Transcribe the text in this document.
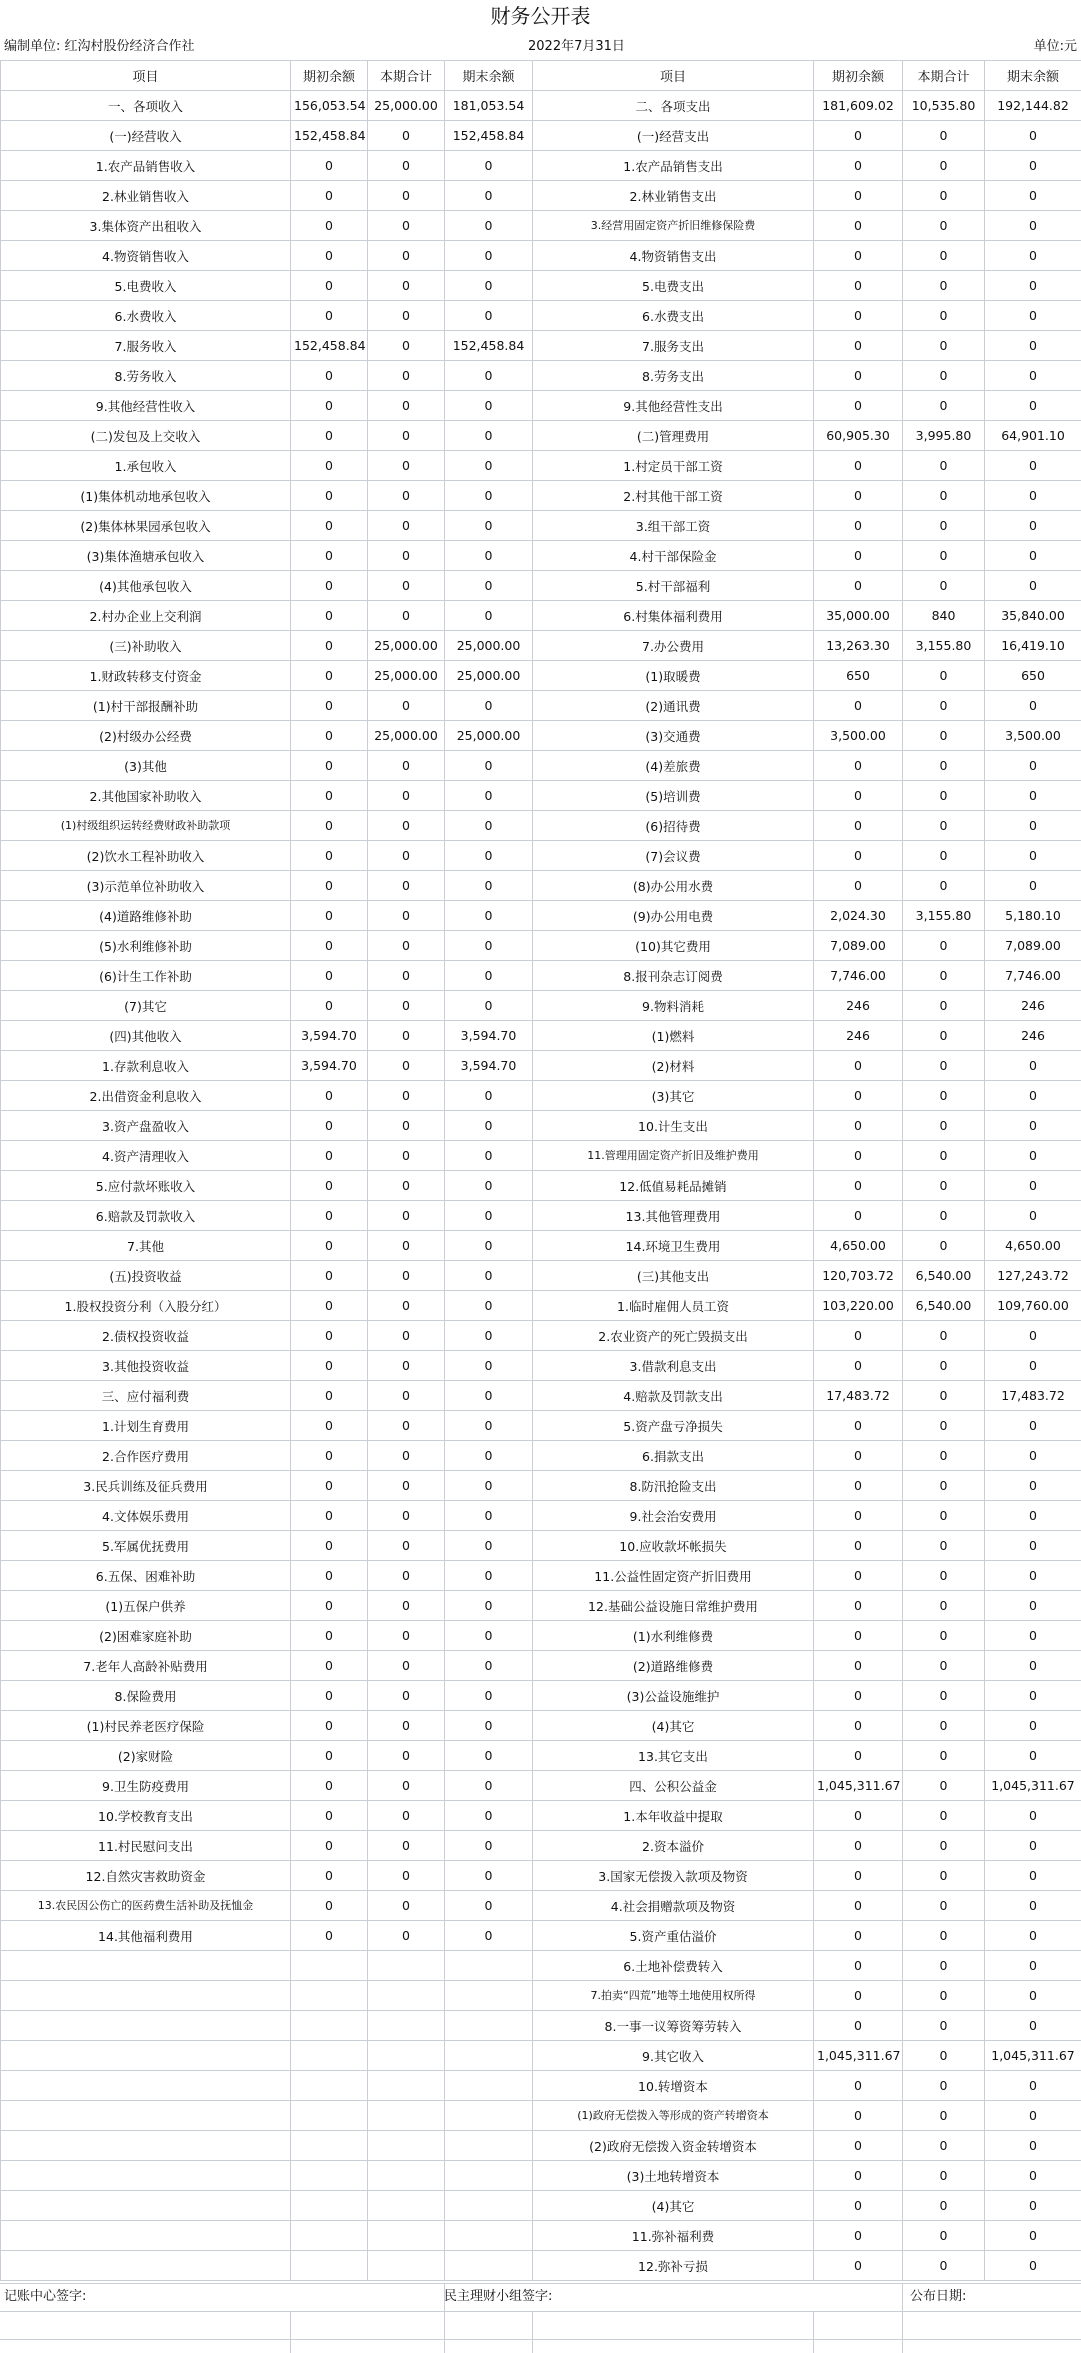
财务公开表
编制单位: 红沟村股份经济合作社	2022年7月31日	单位:元
项目	期初余额	本期合计	期末余额	项目	期初余额	本期合计	期末余额
一、各项收入	156,053.54	25,000.00	181,053.54	二、各项支出	181,609.02	10,535.80	192,144.82
(一)经营收入	152,458.84	0	152,458.84	(一)经营支出	0	0	0
1.农产品销售收入	0	0	0	1.农产品销售支出	0	0	0
2.林业销售收入	0	0	0	2.林业销售支出	0	0	0
3.集体资产出租收入	0	0	0	3.经营用固定资产折旧维修保险费	0	0	0
4.物资销售收入	0	0	0	4.物资销售支出	0	0	0
5.电费收入	0	0	0	5.电费支出	0	0	0
6.水费收入	0	0	0	6.水费支出	0	0	0
7.服务收入	152,458.84	0	152,458.84	7.服务支出	0	0	0
8.劳务收入	0	0	0	8.劳务支出	0	0	0
9.其他经营性收入	0	0	0	9.其他经营性支出	0	0	0
(二)发包及上交收入	0	0	0	(二)管理费用	60,905.30	3,995.80	64,901.10
1.承包收入	0	0	0	1.村定员干部工资	0	0	0
(1)集体机动地承包收入	0	0	0	2.村其他干部工资	0	0	0
(2)集体林果园承包收入	0	0	0	3.组干部工资	0	0	0
(3)集体渔塘承包收入	0	0	0	4.村干部保险金	0	0	0
(4)其他承包收入	0	0	0	5.村干部福利	0	0	0
2.村办企业上交利润	0	0	0	6.村集体福利费用	35,000.00	840	35,840.00
(三)补助收入	0	25,000.00	25,000.00	7.办公费用	13,263.30	3,155.80	16,419.10
1.财政转移支付资金	0	25,000.00	25,000.00	(1)取暖费	650	0	650
(1)村干部报酬补助	0	0	0	(2)通讯费	0	0	0
(2)村级办公经费	0	25,000.00	25,000.00	(3)交通费	3,500.00	0	3,500.00
(3)其他	0	0	0	(4)差旅费	0	0	0
2.其他国家补助收入	0	0	0	(5)培训费	0	0	0
(1)村级组织运转经费财政补助款项	0	0	0	(6)招待费	0	0	0
(2)饮水工程补助收入	0	0	0	(7)会议费	0	0	0
(3)示范单位补助收入	0	0	0	(8)办公用水费	0	0	0
(4)道路维修补助	0	0	0	(9)办公用电费	2,024.30	3,155.80	5,180.10
(5)水利维修补助	0	0	0	(10)其它费用	7,089.00	0	7,089.00
(6)计生工作补助	0	0	0	8.报刊杂志订阅费	7,746.00	0	7,746.00
(7)其它	0	0	0	9.物料消耗	246	0	246
(四)其他收入	3,594.70	0	3,594.70	(1)燃料	246	0	246
1.存款利息收入	3,594.70	0	3,594.70	(2)材料	0	0	0
2.出借资金利息收入	0	0	0	(3)其它	0	0	0
3.资产盘盈收入	0	0	0	10.计生支出	0	0	0
4.资产清理收入	0	0	0	11.管理用固定资产折旧及维护费用	0	0	0
5.应付款坏账收入	0	0	0	12.低值易耗品摊销	0	0	0
6.赔款及罚款收入	0	0	0	13.其他管理费用	0	0	0
7.其他	0	0	0	14.环境卫生费用	4,650.00	0	4,650.00
(五)投资收益	0	0	0	(三)其他支出	120,703.72	6,540.00	127,243.72
1.股权投资分利（入股分红）	0	0	0	1.临时雇佣人员工资	103,220.00	6,540.00	109,760.00
2.债权投资收益	0	0	0	2.农业资产的死亡毁损支出	0	0	0
3.其他投资收益	0	0	0	3.借款利息支出	0	0	0
三、应付福利费	0	0	0	4.赔款及罚款支出	17,483.72	0	17,483.72
1.计划生育费用	0	0	0	5.资产盘亏净损失	0	0	0
2.合作医疗费用	0	0	0	6.捐款支出	0	0	0
3.民兵训练及征兵费用	0	0	0	8.防汛抢险支出	0	0	0
4.文体娱乐费用	0	0	0	9.社会治安费用	0	0	0
5.军属优抚费用	0	0	0	10.应收款坏帐损失	0	0	0
6.五保、困难补助	0	0	0	11.公益性固定资产折旧费用	0	0	0
(1)五保户供养	0	0	0	12.基础公益设施日常维护费用	0	0	0
(2)困难家庭补助	0	0	0	(1)水利维修费	0	0	0
7.老年人高龄补贴费用	0	0	0	(2)道路维修费	0	0	0
8.保险费用	0	0	0	(3)公益设施维护	0	0	0
(1)村民养老医疗保险	0	0	0	(4)其它	0	0	0
(2)家财险	0	0	0	13.其它支出	0	0	0
9.卫生防疫费用	0	0	0	四、公积公益金	1,045,311.67	0	1,045,311.67
10.学校教育支出	0	0	0	1.本年收益中提取	0	0	0
11.村民慰问支出	0	0	0	2.资本溢价	0	0	0
12.自然灾害救助资金	0	0	0	3.国家无偿拨入款项及物资	0	0	0
13.农民因公伤亡的医药费生活补助及抚恤金	0	0	0	4.社会捐赠款项及物资	0	0	0
14.其他福利费用	0	0	0	5.资产重估溢价	0	0	0
				6.土地补偿费转入	0	0	0
				7.拍卖“四荒”地等土地使用权所得	0	0	0
				8.一事一议筹资筹劳转入	0	0	0
				9.其它收入	1,045,311.67	0	1,045,311.67
				10.转增资本	0	0	0
				(1)政府无偿拨入等形成的资产转增资本	0	0	0
				(2)政府无偿拨入资金转增资本	0	0	0
				(3)土地转增资本	0	0	0
				(4)其它	0	0	0
				11.弥补福利费	0	0	0
				12.弥补亏损	0	0	0
记账中心签字:	民主理财小组签字:	公布日期:
